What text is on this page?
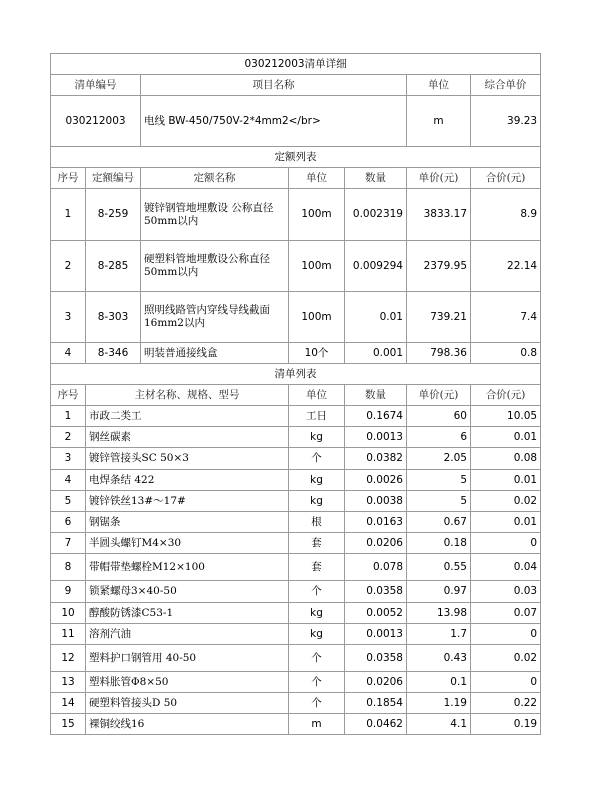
030212003清单详细						
清单编号		项目名称			单位	综合单价
030212003		电线 BW-450/750V-2*4mm2</br>			m	39.23
定额列表						
序号	定额编号	定额名称	单位	数量	单价(元)	合价(元)
1	8-259	镀锌钢管地埋敷设 公称直径50mm以内	100m	0.002319	3833.17	8.9
2	8-285	硬塑料管地埋敷设公称直径50mm以内	100m	0.009294	2379.95	22.14
3	8-303	照明线路管内穿线导线截面16mm2以内	100m	0.01	739.21	7.4
4	8-346	明装普通接线盒	10个	0.001	798.36	0.8
清单列表						
序号	主材名称、规格、型号		单位	数量	单价(元)	合价(元)
1	市政二类工		工日	0.1674	60	10.05
2	钢丝碳素		kg	0.0013	6	0.01
3	镀锌管接头SC 50×3		个	0.0382	2.05	0.08
4	电焊条结 422		kg	0.0026	5	0.01
5	镀锌铁丝13#～17#		kg	0.0038	5	0.02
6	钢锯条		根	0.0163	0.67	0.01
7	半圆头螺钉M4×30		套	0.0206	0.18	0
8	带帽带垫螺栓M12×100		套	0.078	0.55	0.04
9	锁紧螺母3×40-50		个	0.0358	0.97	0.03
10	醇酸防锈漆C53-1		kg	0.0052	13.98	0.07
11	溶剂汽油		kg	0.0013	1.7	0
12	塑料护口钢管用 40-50		个	0.0358	0.43	0.02
13	塑料胀管Φ8×50		个	0.0206	0.1	0
14	硬塑料管接头D 50		个	0.1854	1.19	0.22
15	裸铜绞线16		m	0.0462	4.1	0.19
